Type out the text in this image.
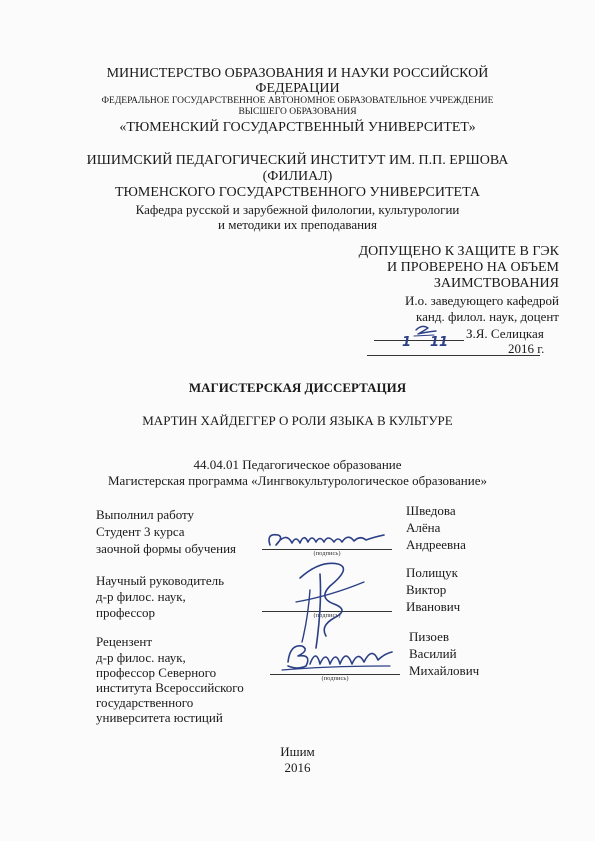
МИНИСТЕРСТВО ОБРАЗОВАНИЯ И НАУКИ РОССИЙСКОЙ
ФЕДЕРАЦИИ
ФЕДЕРАЛЬНОЕ ГОСУДАРСТВЕННОЕ АВТОНОМНОЕ ОБРАЗОВАТЕЛЬНОЕ УЧРЕЖДЕНИЕ
ВЫСШЕГО ОБРАЗОВАНИЯ
«ТЮМЕНСКИЙ ГОСУДАРСТВЕННЫЙ УНИВЕРСИТЕТ»
ИШИМСКИЙ ПЕДАГОГИЧЕСКИЙ ИНСТИТУТ ИМ. П.П. ЕРШОВА
(ФИЛИАЛ)
ТЮМЕНСКОГО ГОСУДАРСТВЕННОГО УНИВЕРСИТЕТА
Кафедра русской и зарубежной филологии, культурологии
и методики их преподавания
ДОПУЩЕНО К ЗАЩИТЕ В ГЭК
И ПРОВЕРЕНО НА ОБЪЕМ
ЗАИМСТВОВАНИЯ
И.о. заведующего кафедрой
канд. филол. наук, доцент
З.Я. Селицкая
1 11	2016 г.
МАГИСТЕРСКАЯ ДИССЕРТАЦИЯ
МАРТИН ХАЙДЕГГЕР О РОЛИ ЯЗЫКА В КУЛЬТУРЕ
44.04.01 Педагогическое образование
Магистерская программа «Лингвокультурологическое образование»
Выполнил работу
Студент 3 курса
заочной формы обучения	(подпись)
Шведова
Алёна
Андреевна
Научный руководитель
д-р филос. наук,
профессор	(подпись)
Полищук
Виктор
Иванович
Рецензент
д-р филос. наук,
профессор Северного
института Всероссийского
государственного
университета юстиций
(подпись)
Пизоев
Василий
Михайлович
Ишим
2016
